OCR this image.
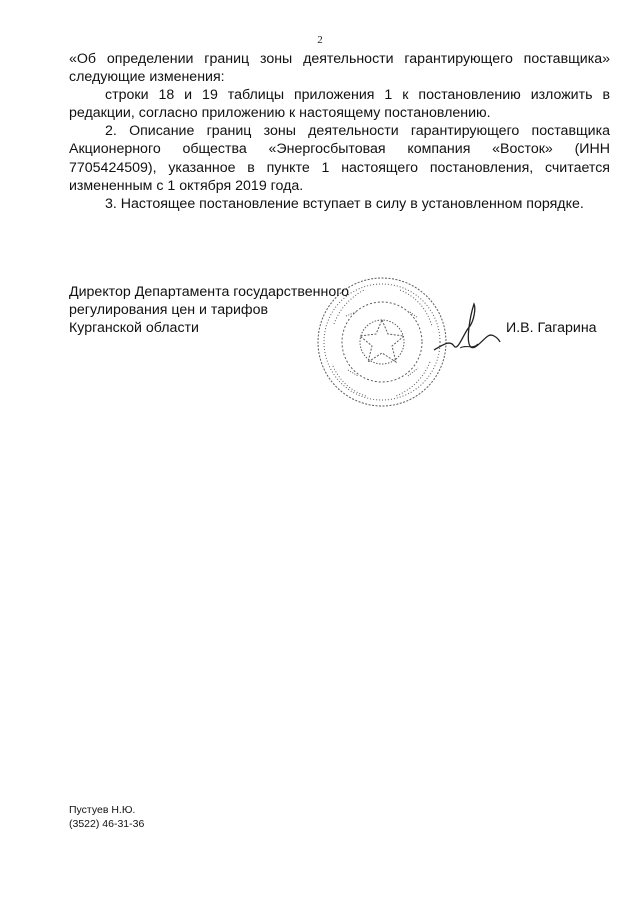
2

«Об определении границ зоны деятельности гарантирующего поставщика» следующие изменения:

строки 18 и 19 таблицы приложения 1 к постановлению изложить в редакции, согласно приложению к настоящему постановлению.

2. Описание границ зоны деятельности гарантирующего поставщика Акционерного общества «Энергосбытовая компания «Восток» (ИНН 7705424509), указанное в пункте 1 настоящего постановления, считается измененным с 1 октября 2019 года.

3. Настоящее постановление вступает в силу в установленном порядке.

Директор Департамента государственного
регулирования цен и тарифов
Курганской области	И.В. Гагарина
Пустуев Н.Ю.
(3522) 46-31-36
